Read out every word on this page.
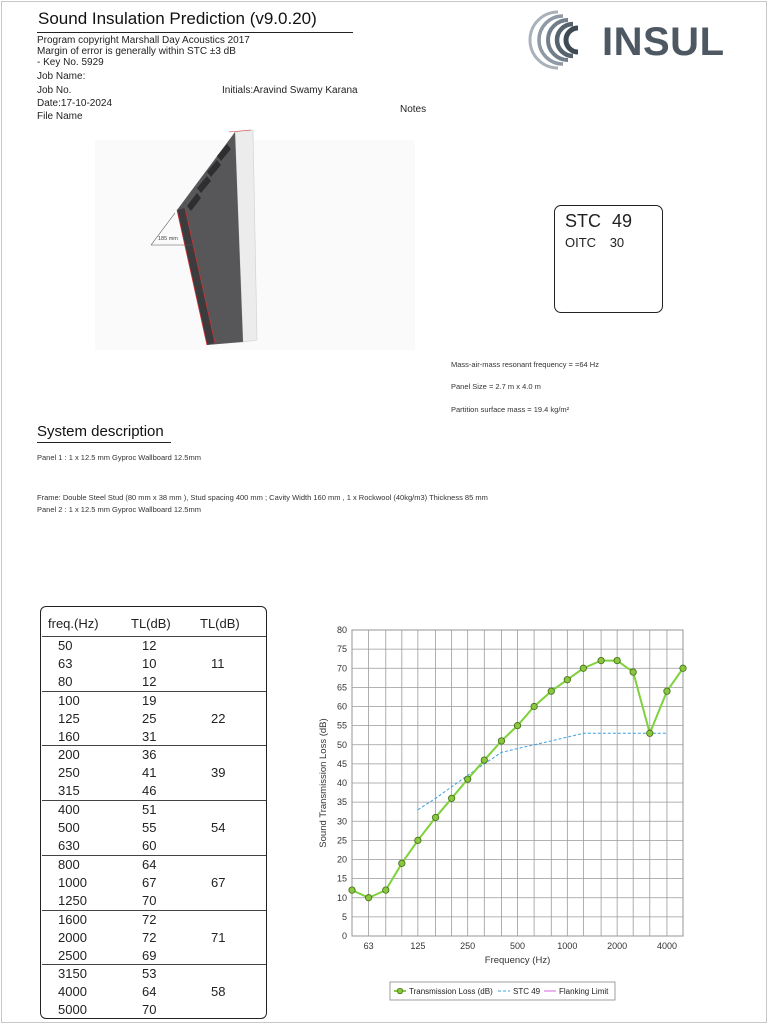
Sound Insulation Prediction (v9.0.20)
Program copyright Marshall Day Acoustics 2017
Margin of error is generally within STC ±3 dB
- Key No. 5929
Job Name:
Job No.
Date:17-10-2024
File Name
Initials:Aravind Swamy Karana
Notes
INSUL
185 mm
STC 49
OITC 30
Mass-air-mass resonant frequency = =64 Hz
Panel Size = 2.7 m x 4.0 m
Partition surface mass = 19.4 kg/m²
System description
Panel 1 : 1 x 12.5 mm Gyproc Wallboard 12.5mm
Frame: Double Steel Stud (80 mm x 38 mm ), Stud spacing 400 mm ; Cavity Width 160 mm , 1 x Rockwool (40kg/m3) Thickness 85 mm
Panel 2 : 1 x 12.5 mm Gyproc Wallboard 12.5mm
freq.(Hz) TL(dB) TL(dB)
50	12
63	10
80	12
11
100	19
125	25
160	31
22
200	36
250	41
315	46
39
400	51
500	55
630	60
54
800	64
1000	67
1250	70
67
1600	72
2000	72
2500	69
71
3150	53
4000	64
5000	70
58
0
5
10
15
20
25
30
35
40
45
50
55
60
65
70
75
80
63	125	250	500	1000	2000	4000
Frequency (Hz)
Sound Transmission Loss (dB)
Transmission Loss (dB)	STC 49 Flanking Limit
